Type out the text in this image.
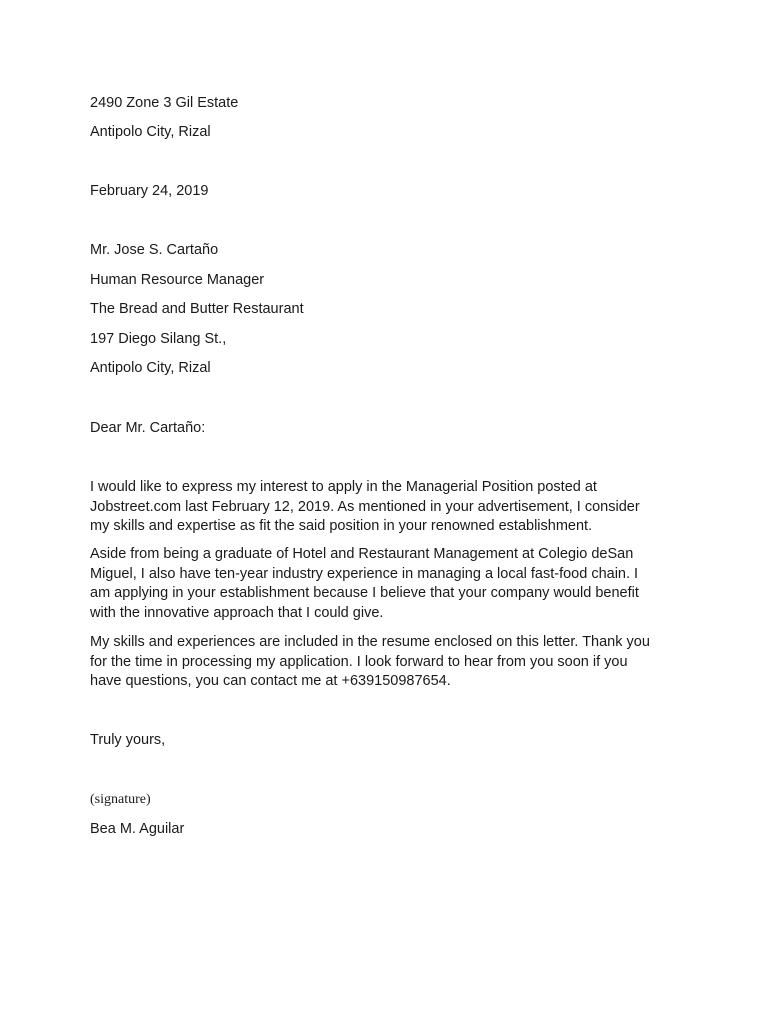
2490 Zone 3 Gil Estate

Antipolo City, Rizal

February 24, 2019

Mr. Jose S. Cartaño

Human Resource Manager

The Bread and Butter Restaurant

197 Diego Silang St.,

Antipolo City, Rizal

Dear Mr. Cartaño:

I would like to express my interest to apply in the Managerial Position posted at
Jobstreet.com last February 12, 2019. As mentioned in your advertisement, I consider
my skills and expertise as fit the said position in your renowned establishment.
Aside from being a graduate of Hotel and Restaurant Management at Colegio deSan
Miguel, I also have ten-year industry experience in managing a local fast-food chain. I
am applying in your establishment because I believe that your company would benefit
with the innovative approach that I could give.
My skills and experiences are included in the resume enclosed on this letter. Thank you
for the time in processing my application. I look forward to hear from you soon if you
have questions, you can contact me at +639150987654.

Truly yours,

(signature)

Bea M. Aguilar
